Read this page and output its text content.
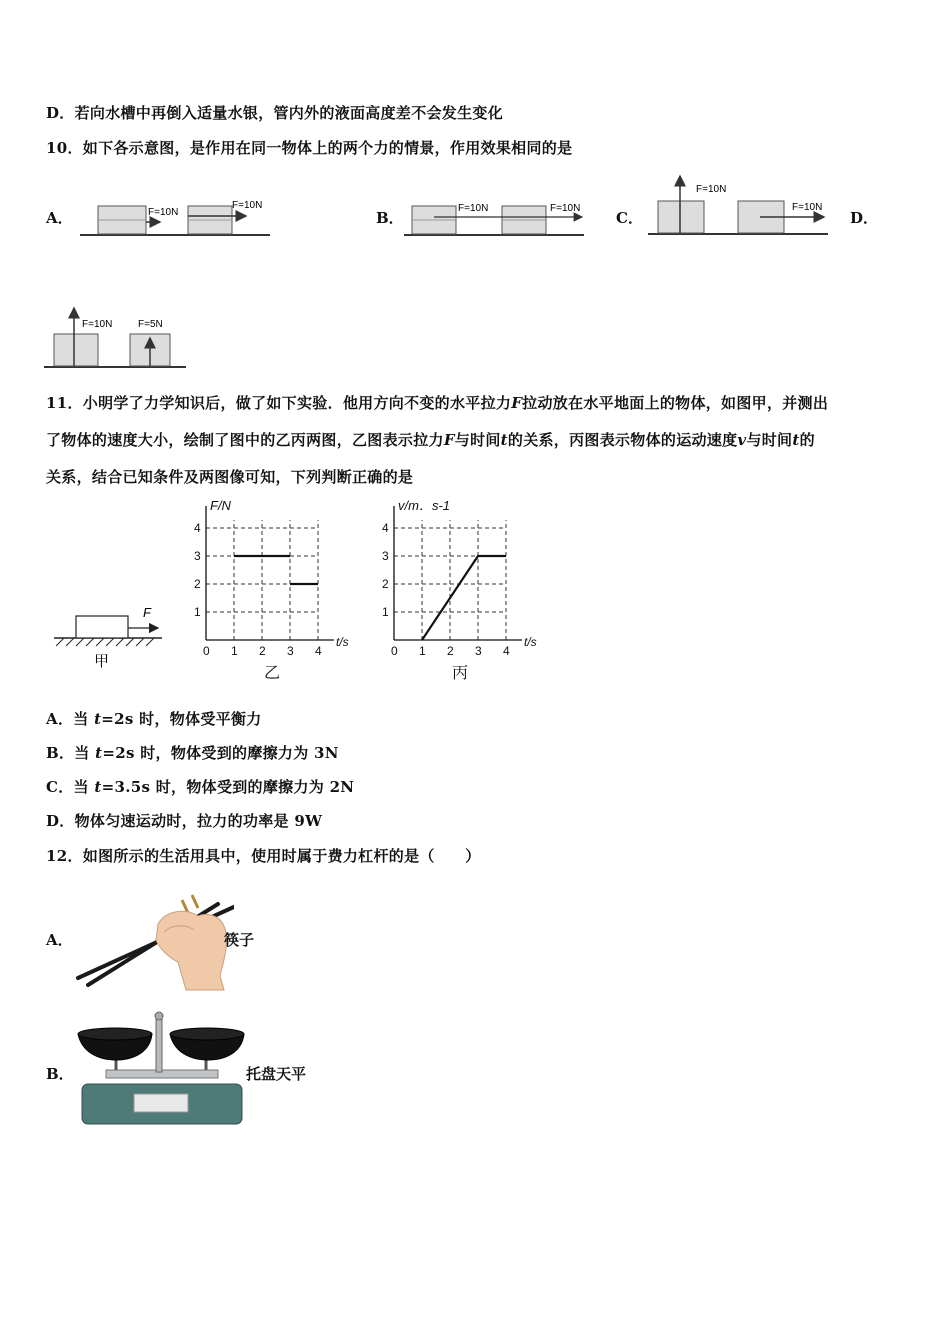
D．若向水槽中再倒入适量水银，管内外的液面高度差不会发生变化
10．如下各示意图，是作用在同一物体上的两个力的情景，作用效果相同的是
A．	B．	C．	D．
F=10N
F=10N	F=10N	F=10N
F=10N
F=10N
F=10N	F=5N
11．小明学了力学知识后，做了如下实验．他用方向不变的水平拉力F拉动放在水平地面上的物体，如图甲，并测出
了物体的速度大小，绘制了图中的乙丙两图，乙图表示拉力F与时间t的关系，丙图表示物体的运动速度v与时间t的
关系，结合已知条件及两图像可知，下列判断正确的是
F
甲
0 1 2 3 4
1
2
3
4
t/s
F/N
乙
0 1 2 3 4
1
2
3
4
t/s
v/m．s-1
丙
A．当 t=2s 时，物体受平衡力
B．当 t=2s 时，物体受到的摩擦力为 3N
C．当 t=3.5s 时，物体受到的摩擦力为 2N
D．物体匀速运动时，拉力的功率是 9W
12．如图所示的生活用具中，使用时属于费力杠杆的是（　　）
A．	筷子
B．	托盘天平
